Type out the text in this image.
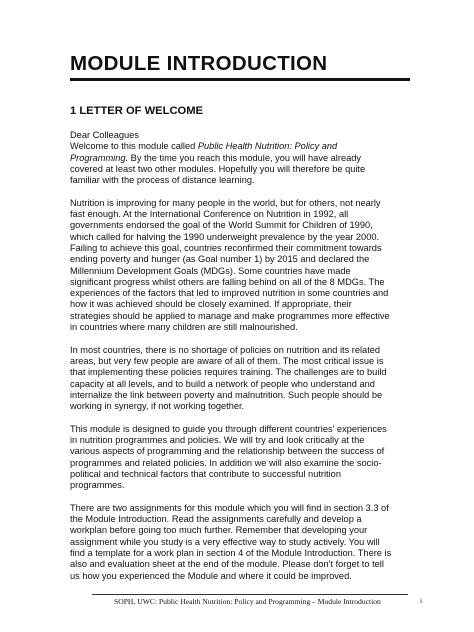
MODULE INTRODUCTION
1 LETTER OF WELCOME
Dear Colleagues
Welcome to this module called Public Health Nutrition: Policy and
Programming. By the time you reach this module, you will have already
covered at least two other modules. Hopefully you will therefore be quite
familiar with the process of distance learning.
Nutrition is improving for many people in the world, but for others, not nearly
fast enough. At the International Conference on Nutrition in 1992, all
governments endorsed the goal of the World Summit for Children of 1990,
which called for halving the 1990 underweight prevalence by the year 2000.
Failing to achieve this goal, countries reconfirmed their commitment towards
ending poverty and hunger (as Goal number 1) by 2015 and declared the
Millennium Development Goals (MDGs). Some countries have made
significant progress whilst others are falling behind on all of the 8 MDGs. The
experiences of the factors that led to improved nutrition in some countries and
how it was achieved should be closely examined. If appropriate, their
strategies should be applied to manage and make programmes more effective
in countries where many children are still malnourished.
In most countries, there is no shortage of policies on nutrition and its related
areas, but very few people are aware of all of them. The most critical issue is
that implementing these policies requires training. The challenges are to build
capacity at all levels, and to build a network of people who understand and
internalize the link between poverty and malnutrition. Such people should be
working in synergy, if not working together.
This module is designed to guide you through different countries' experiences
in nutrition programmes and policies. We will try and look critically at the
various aspects of programming and the relationship between the success of
programmes and related policies. In addition we will also examine the socio-
political and technical factors that contribute to successful nutrition
programmes.
There are two assignments for this module which you will find in section 3.3 of
the Module Introduction. Read the assignments carefully and develop a
workplan before going too much further. Remember that developing your
assignment while you study is a very effective way to study actively. You will
find a template for a work plan in section 4 of the Module Introduction. There is
also and evaluation sheet at the end of the module. Please don't forget to tell
us how you experienced the Module and where it could be improved.
SOPH, UWC: Public Health Nutrition: Policy and Programming – Module Introduction	i
